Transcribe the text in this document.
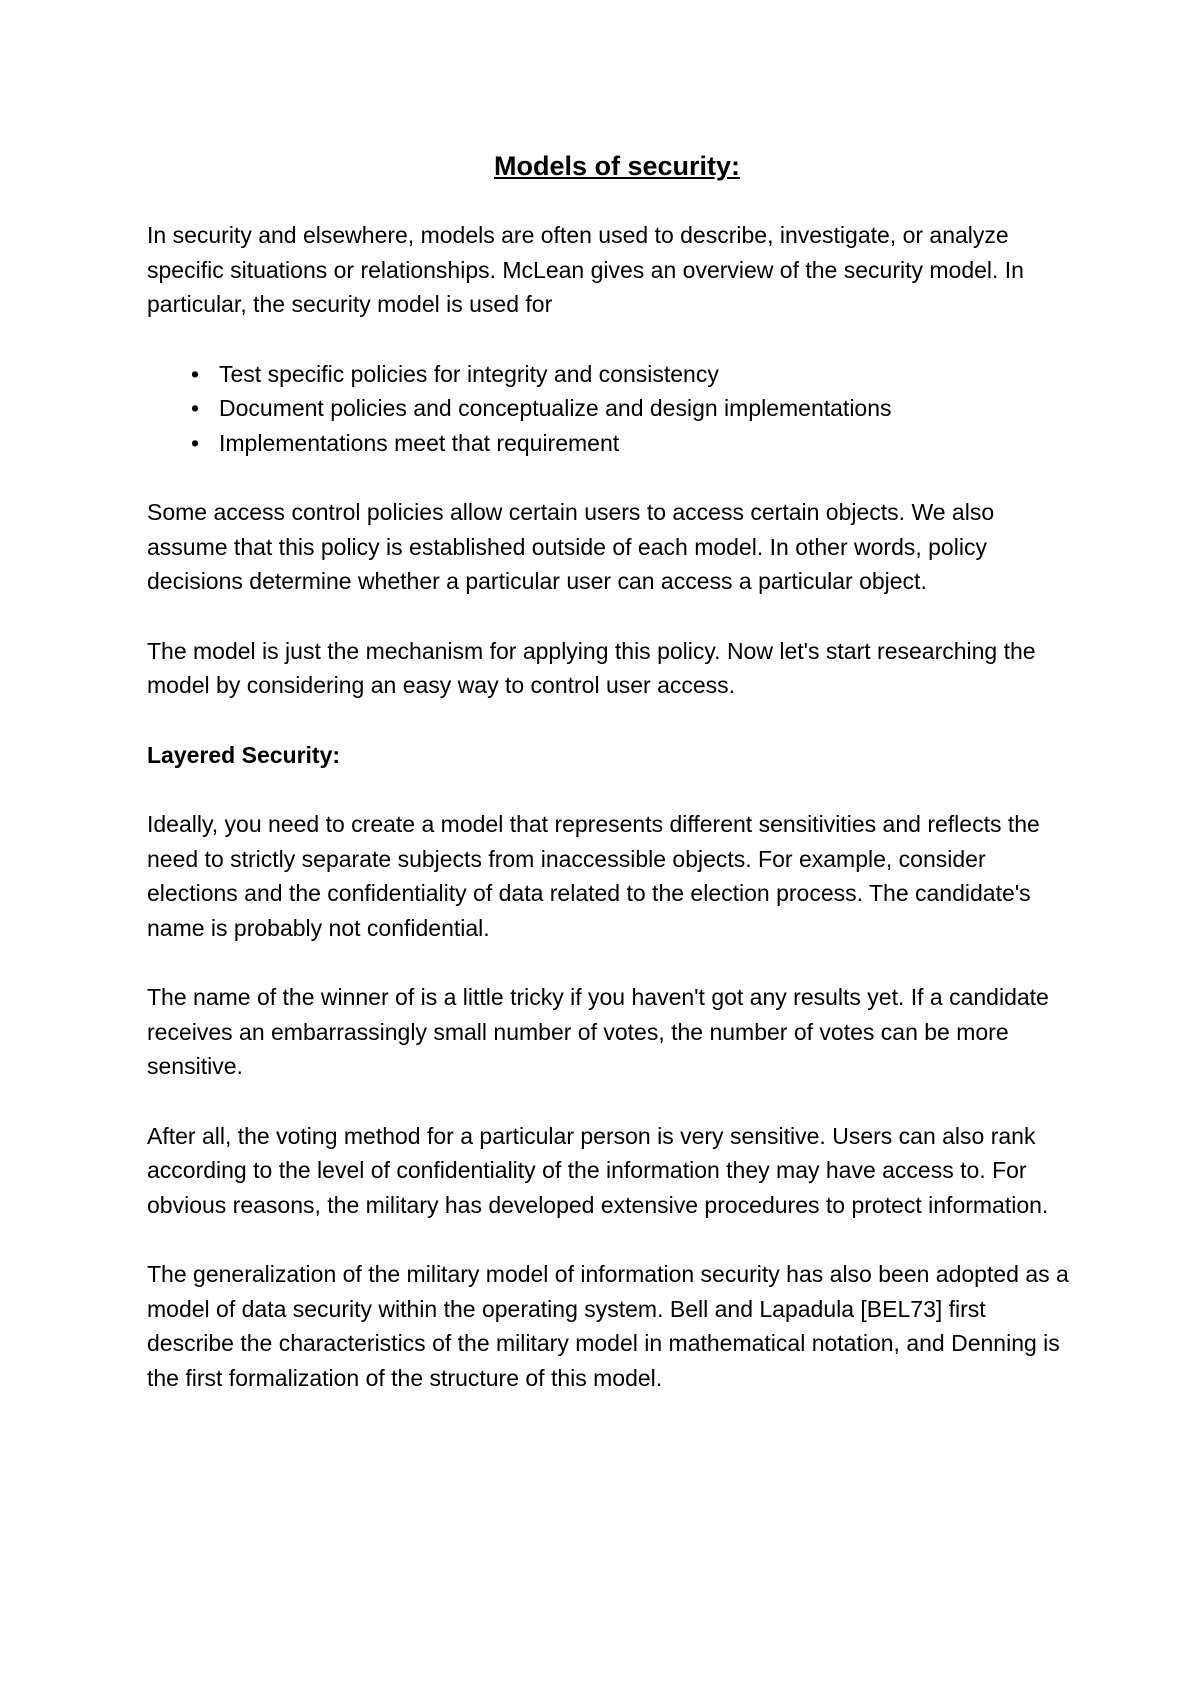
Models of security:

In security and elsewhere, models are often used to describe, investigate, or analyze specific situations or relationships. McLean gives an overview of the security model. In particular, the security model is used for

• Test specific policies for integrity and consistency
• Document policies and conceptualize and design implementations
• Implementations meet that requirement

Some access control policies allow certain users to access certain objects. We also assume that this policy is established outside of each model. In other words, policy decisions determine whether a particular user can access a particular object.

The model is just the mechanism for applying this policy. Now let's start researching the model by considering an easy way to control user access.

Layered Security:

Ideally, you need to create a model that represents different sensitivities and reflects the need to strictly separate subjects from inaccessible objects. For example, consider elections and the confidentiality of data related to the election process. The candidate's name is probably not confidential.

The name of the winner of is a little tricky if you haven't got any results yet. If a candidate receives an embarrassingly small number of votes, the number of votes can be more sensitive.

After all, the voting method for a particular person is very sensitive. Users can also rank according to the level of confidentiality of the information they may have access to. For obvious reasons, the military has developed extensive procedures to protect information.

The generalization of the military model of information security has also been adopted as a model of data security within the operating system. Bell and Lapadula [BEL73] first describe the characteristics of the military model in mathematical notation, and Denning is the first formalization of the structure of this model.
